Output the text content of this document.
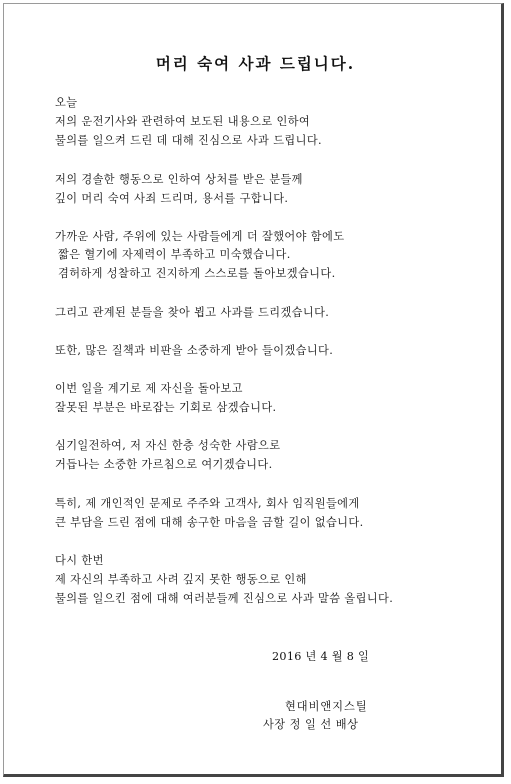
머리 숙여 사과 드립니다.

오늘

저의 운전기사와 관련하여 보도된 내용으로 인하여

물의를 일으켜 드린 데 대해 진심으로 사과 드립니다.

저의 경솔한 행동으로 인하여 상처를 받은 분들께

깊이 머리 숙여 사죄 드리며, 용서를 구합니다.

가까운 사람, 주위에 있는 사람들에게 더 잘했어야 함에도

짧은 혈기에 자제력이 부족하고 미숙했습니다.

겸허하게 성찰하고 진지하게 스스로를 돌아보겠습니다.

그리고 관계된 분들을 찾아 뵙고 사과를 드리겠습니다.

또한, 많은 질책과 비판을 소중하게 받아 들이겠습니다.

이번 일을 계기로 제 자신을 돌아보고

잘못된 부분은 바로잡는 기회로 삼겠습니다.

심기일전하여, 저 자신 한층 성숙한 사람으로

거듭나는 소중한 가르침으로 여기겠습니다.

특히, 제 개인적인 문제로 주주와 고객사, 회사 임직원들에게

큰 부담을 드린 점에 대해 송구한 마음을 금할 길이 없습니다.

다시 한번

제 자신의 부족하고 사려 깊지 못한 행동으로 인해

물의를 일으킨 점에 대해 여러분들께 진심으로 사과 말씀 올립니다.

2016 년 4 월 8 일

현대비앤지스틸

사장 정 일 선 배상
